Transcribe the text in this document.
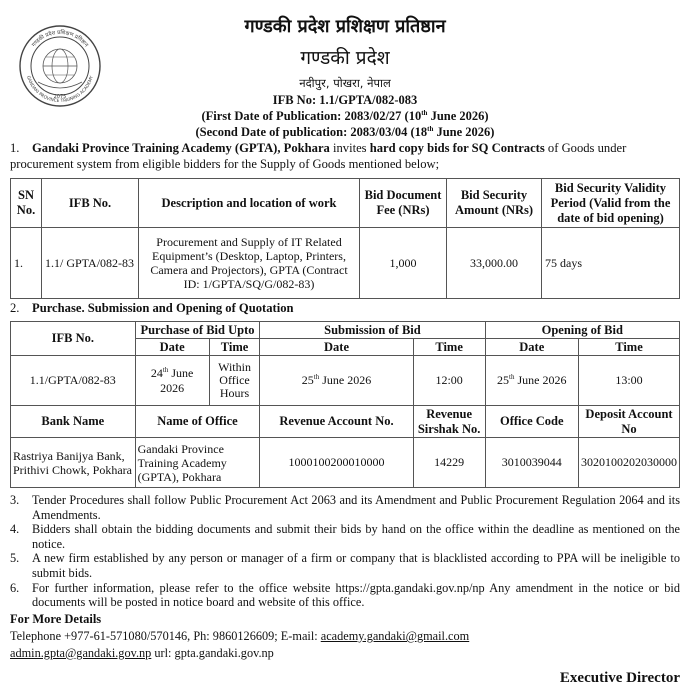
गण्डकी प्रदेश प्रशिक्षण प्रतिष्ठान
GANDAKI PROVINCE TRAINING ACADEMY
2075
गण्डकी प्रदेश प्रशिक्षण प्रतिष्ठान
गण्डकी प्रदेश
नदीपुर, पोखरा, नेपाल
IFB No: 1.1/GPTA/082-083
(First Date of Publication: 2083/02/27 (10th June 2026)
(Second Date of publication: 2083/03/04 (18th June 2026)
1. Gandaki Province Training Academy (GPTA), Pokhara invites hard copy bids for SQ Contracts of Goods under procurement system from eligible bidders for the Supply of Goods mentioned below;
SN No.	IFB No.	Description and location of work	Bid Document Fee (NRs)	Bid Security Amount (NRs)	Bid Security Validity Period (Valid from the date of bid opening)
1.	1.1/ GPTA/082-83	Procurement and Supply of IT Related Equipment’s (Desktop, Laptop, Printers, Camera and Projectors), GPTA (Contract ID: 1/GPTA/SQ/G/082-83)	1,000	33,000.00	75 days
2. Purchase. Submission and Opening of Quotation
IFB No.	Purchase of Bid Upto		Submission of Bid		Opening of Bid	
	Date	Time	Date	Time	Date	Time
1.1/GPTA/082-83	24th June 2026	Within Office Hours	25th June 2026	12:00	25th June 2026	13:00
Bank Name	Name of Office		Revenue Account No.	Revenue Sirshak No.	Office Code	Deposit Account No
Rastriya Banijya Bank, Prithivi Chowk, Pokhara	Gandaki Province Training Academy (GPTA), Pokhara		1000100200010000	14229	3010039044	3020100202030000
3.	Tender Procedures shall follow Public Procurement Act 2063 and its Amendment and Public Procurement Regulation 2064 and its Amendments.
4.	Bidders shall obtain the bidding documents and submit their bids by hand on the office within the deadline as mentioned on the notice.
5.	A new firm established by any person or manager of a firm or company that is blacklisted according to PPA will be ineligible to submit bids.
6.	For further information, please refer to the office website https://gpta.gandaki.gov.np/np Any amendment in the notice or bid documents will be posted in notice board and website of this office.
For More Details
Telephone +977-61-571080/570146, Ph: 9860126609; E-mail: academy.gandaki@gmail.com
admin.gpta@gandaki.gov.np url: gpta.gandaki.gov.np
Executive Director
